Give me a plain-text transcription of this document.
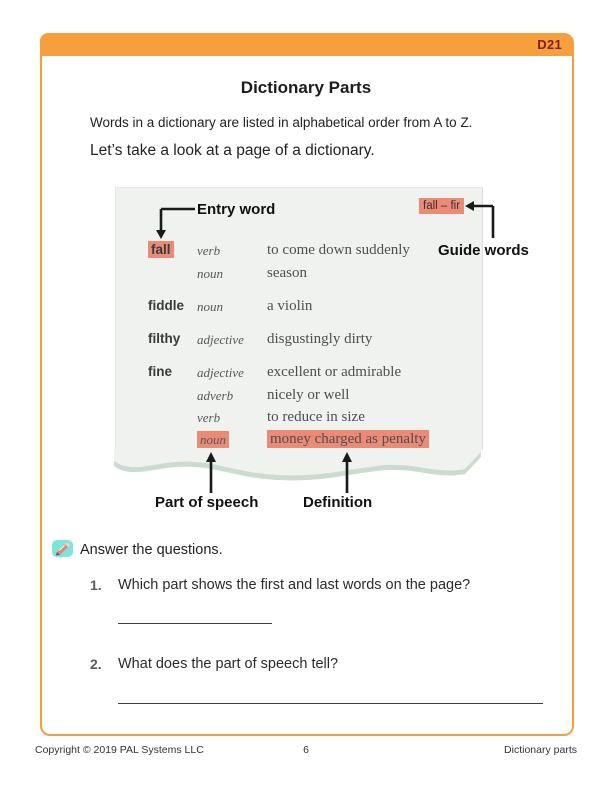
D21
Dictionary Parts
Words in a dictionary are listed in alphabetical order from A to Z.
Let’s take a look at a page of a dictionary.
fall – fir
fall verb	to come down suddenly
noun	season
fiddle noun	a violin
filthy adjective disgustingly dirty
fine adjective excellent or admirable
adverb nicely or well
verb	to reduce in size
noun	money charged as penalty
Entry word
Guide words
Part of speech	Definition
Answer the questions.
1. Which part shows the first and last words on the page?
2. What does the part of speech tell?
Copyright © 2019 PAL Systems LLC	6	Dictionary parts
